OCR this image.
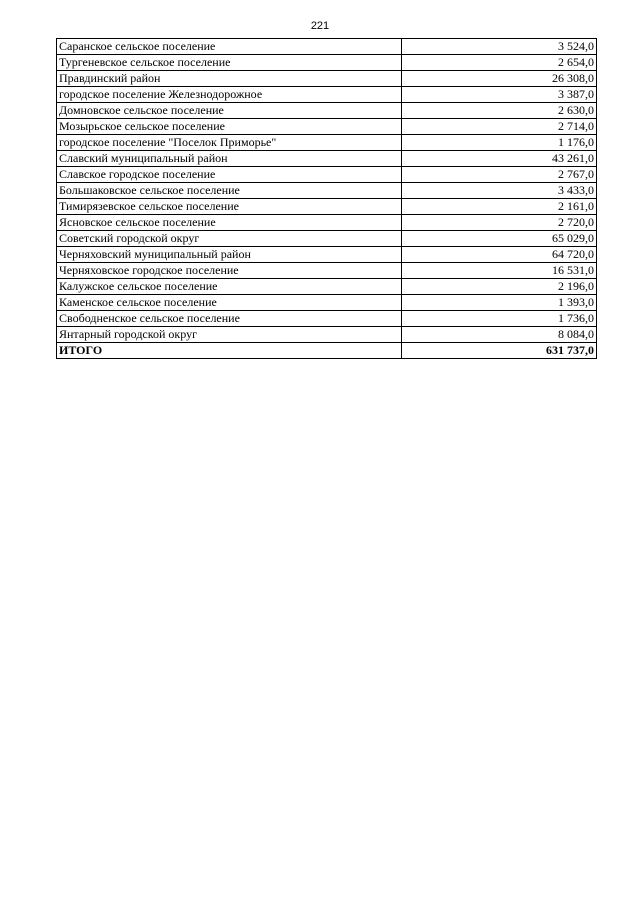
221
Саранское сельское поселение	3 524,0
Тургеневское сельское поселение	2 654,0
Правдинский район	26 308,0
городское поселение Железнодорожное	3 387,0
Домновское сельское поселение	2 630,0
Мозырьское сельское поселение	2 714,0
городское поселение "Поселок Приморье"	1 176,0
Славский муниципальный район	43 261,0
Славское городское поселение	2 767,0
Большаковское сельское поселение	3 433,0
Тимирязевское сельское поселение	2 161,0
Ясновское сельское поселение	2 720,0
Советский городской округ	65 029,0
Черняховский муниципальный район	64 720,0
Черняховское городское поселение	16 531,0
Калужское сельское поселение	2 196,0
Каменское сельское поселение	1 393,0
Свободненское сельское поселение	1 736,0
Янтарный городской округ	8 084,0
ИТОГО	631 737,0
